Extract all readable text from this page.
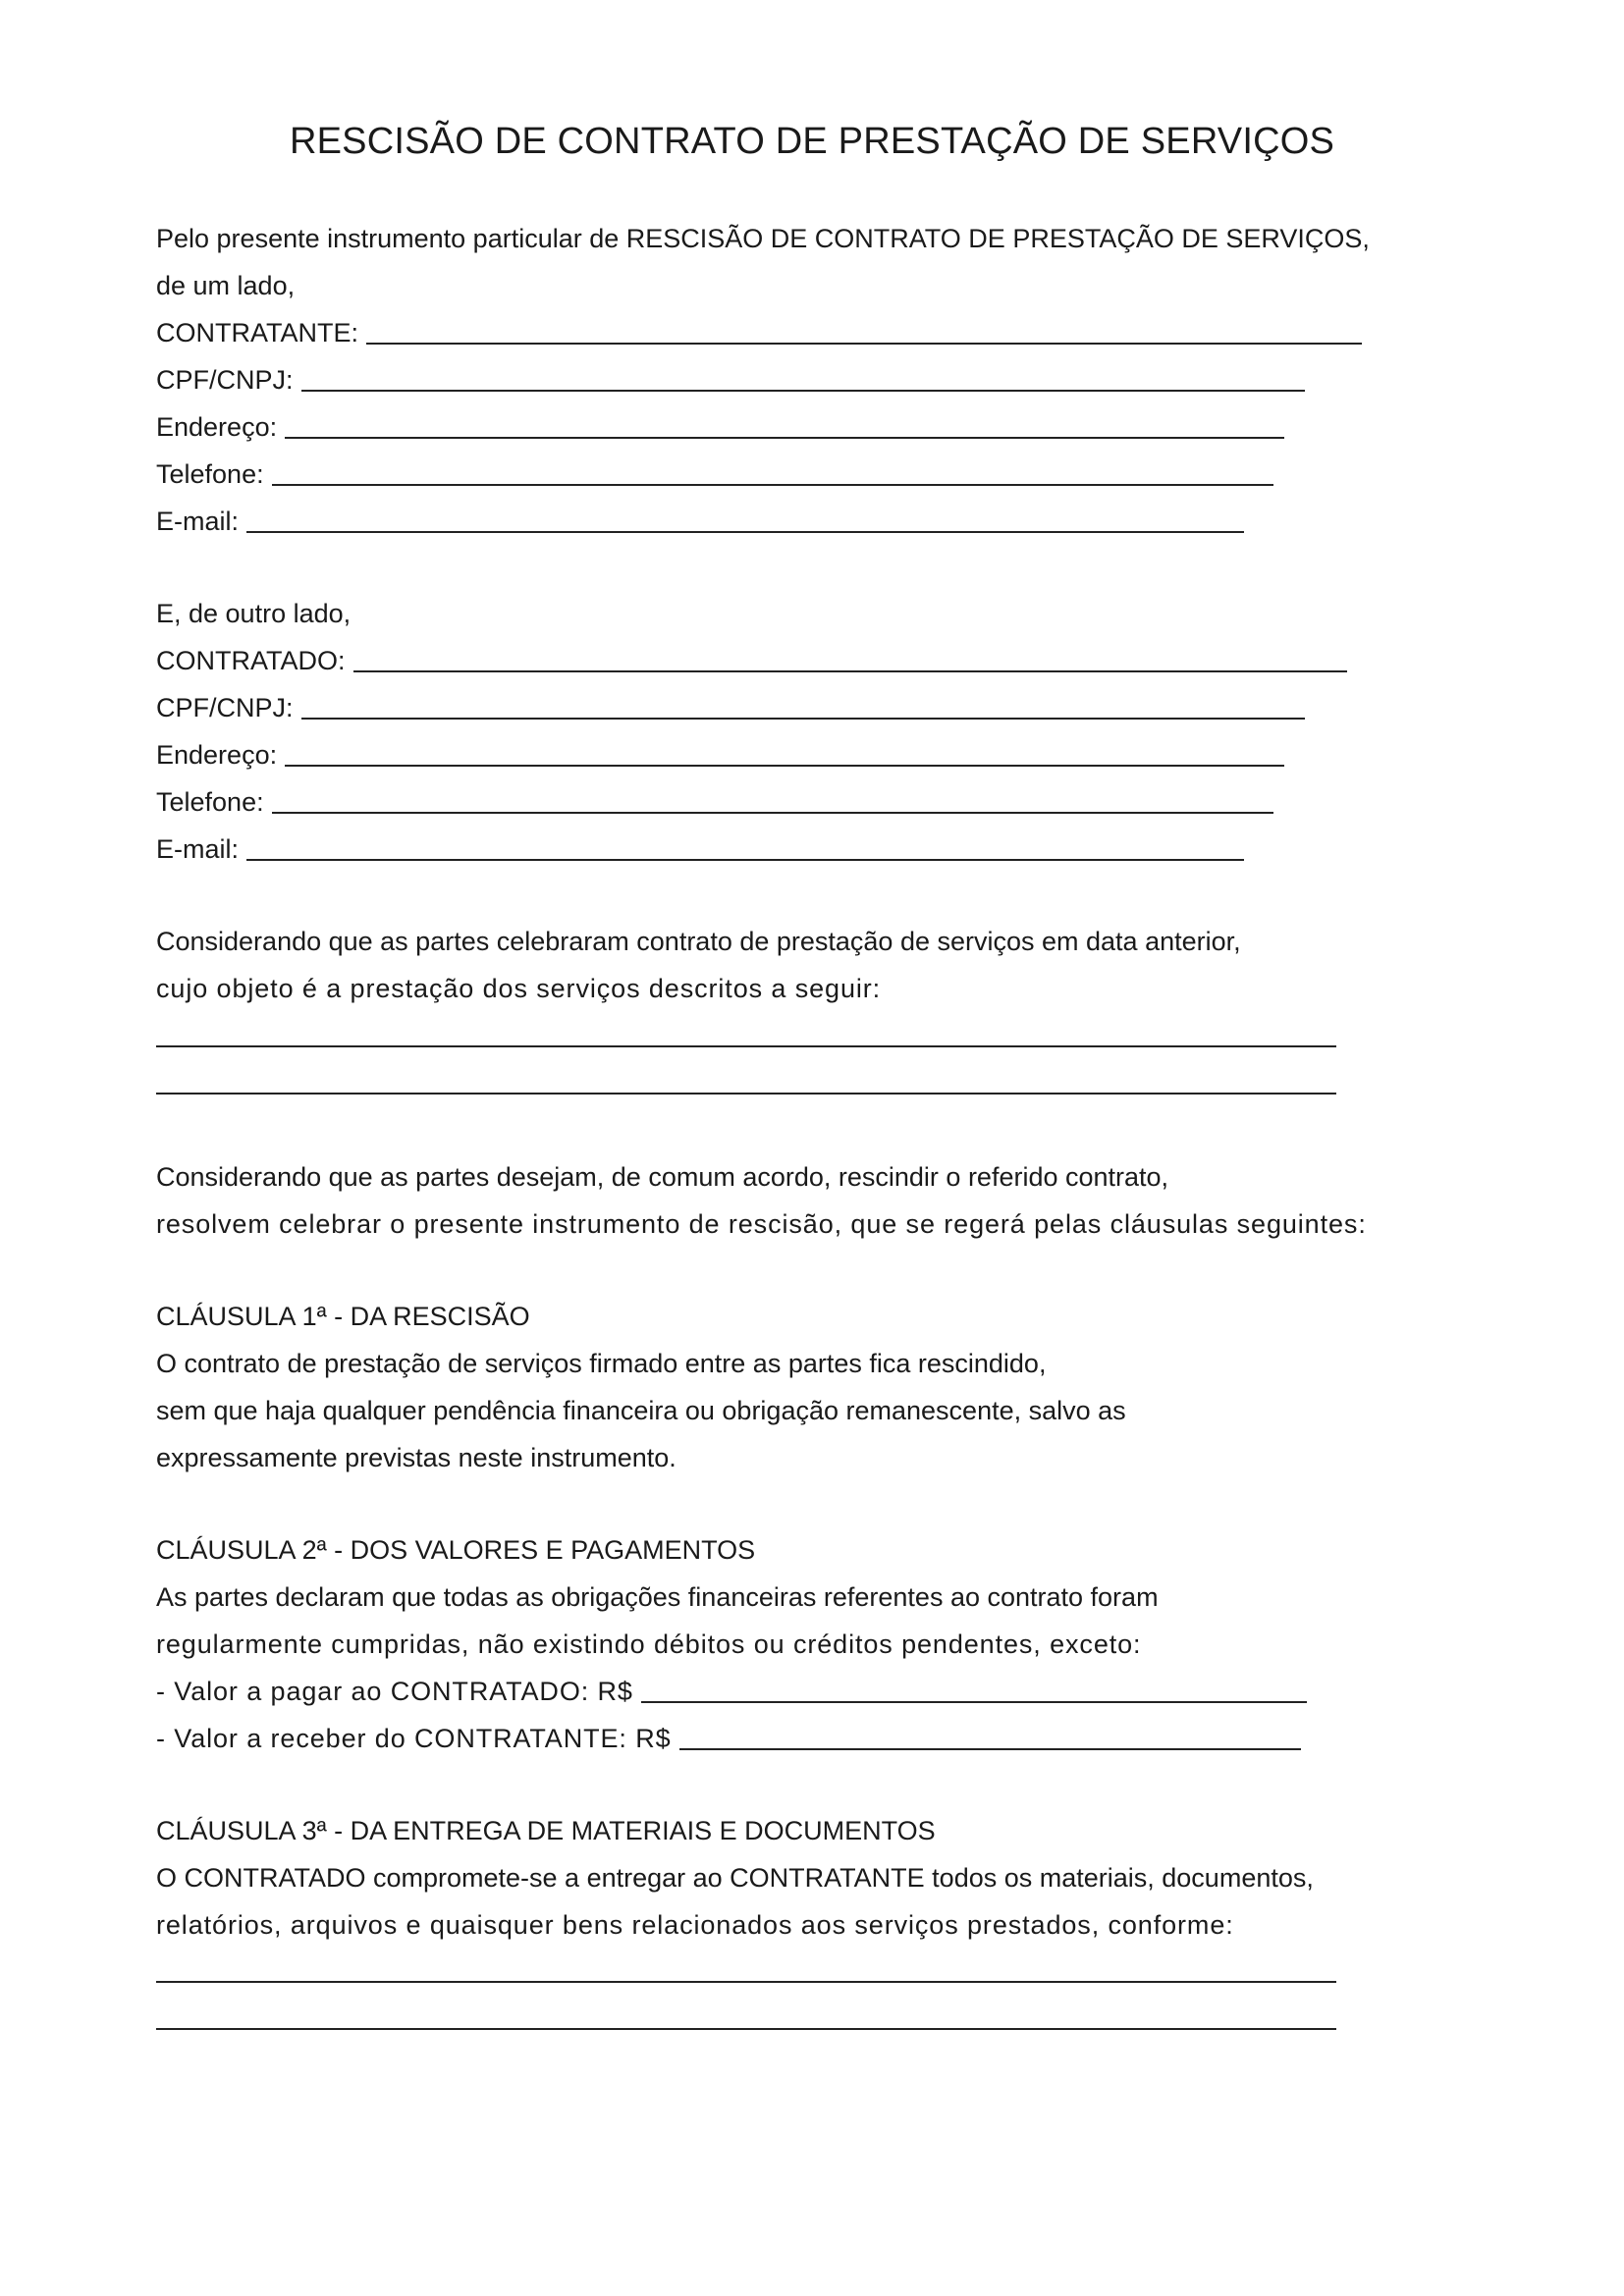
RESCISÃO DE CONTRATO DE PRESTAÇÃO DE SERVIÇOS
Pelo presente instrumento particular de RESCISÃO DE CONTRATO DE PRESTAÇÃO DE SERVIÇOS,
de um lado,
CONTRATANTE:
CPF/CNPJ:
Endereço:
Telefone:
E-mail:
E, de outro lado,
CONTRATADO:
CPF/CNPJ:
Endereço:
Telefone:
E-mail:
Considerando que as partes celebraram contrato de prestação de serviços em data anterior,
cujo objeto é a prestação dos serviços descritos a seguir:
Considerando que as partes desejam, de comum acordo, rescindir o referido contrato,
resolvem celebrar o presente instrumento de rescisão, que se regerá pelas cláusulas seguintes:
CLÁUSULA 1ª - DA RESCISÃO
O contrato de prestação de serviços firmado entre as partes fica rescindido,
sem que haja qualquer pendência financeira ou obrigação remanescente, salvo as
expressamente previstas neste instrumento.
CLÁUSULA 2ª - DOS VALORES E PAGAMENTOS
As partes declaram que todas as obrigações financeiras referentes ao contrato foram
regularmente cumpridas, não existindo débitos ou créditos pendentes, exceto:
- Valor a pagar ao CONTRATADO: R$
- Valor a receber do CONTRATANTE: R$
CLÁUSULA 3ª - DA ENTREGA DE MATERIAIS E DOCUMENTOS
O CONTRATADO compromete-se a entregar ao CONTRATANTE todos os materiais, documentos,
relatórios, arquivos e quaisquer bens relacionados aos serviços prestados, conforme:
